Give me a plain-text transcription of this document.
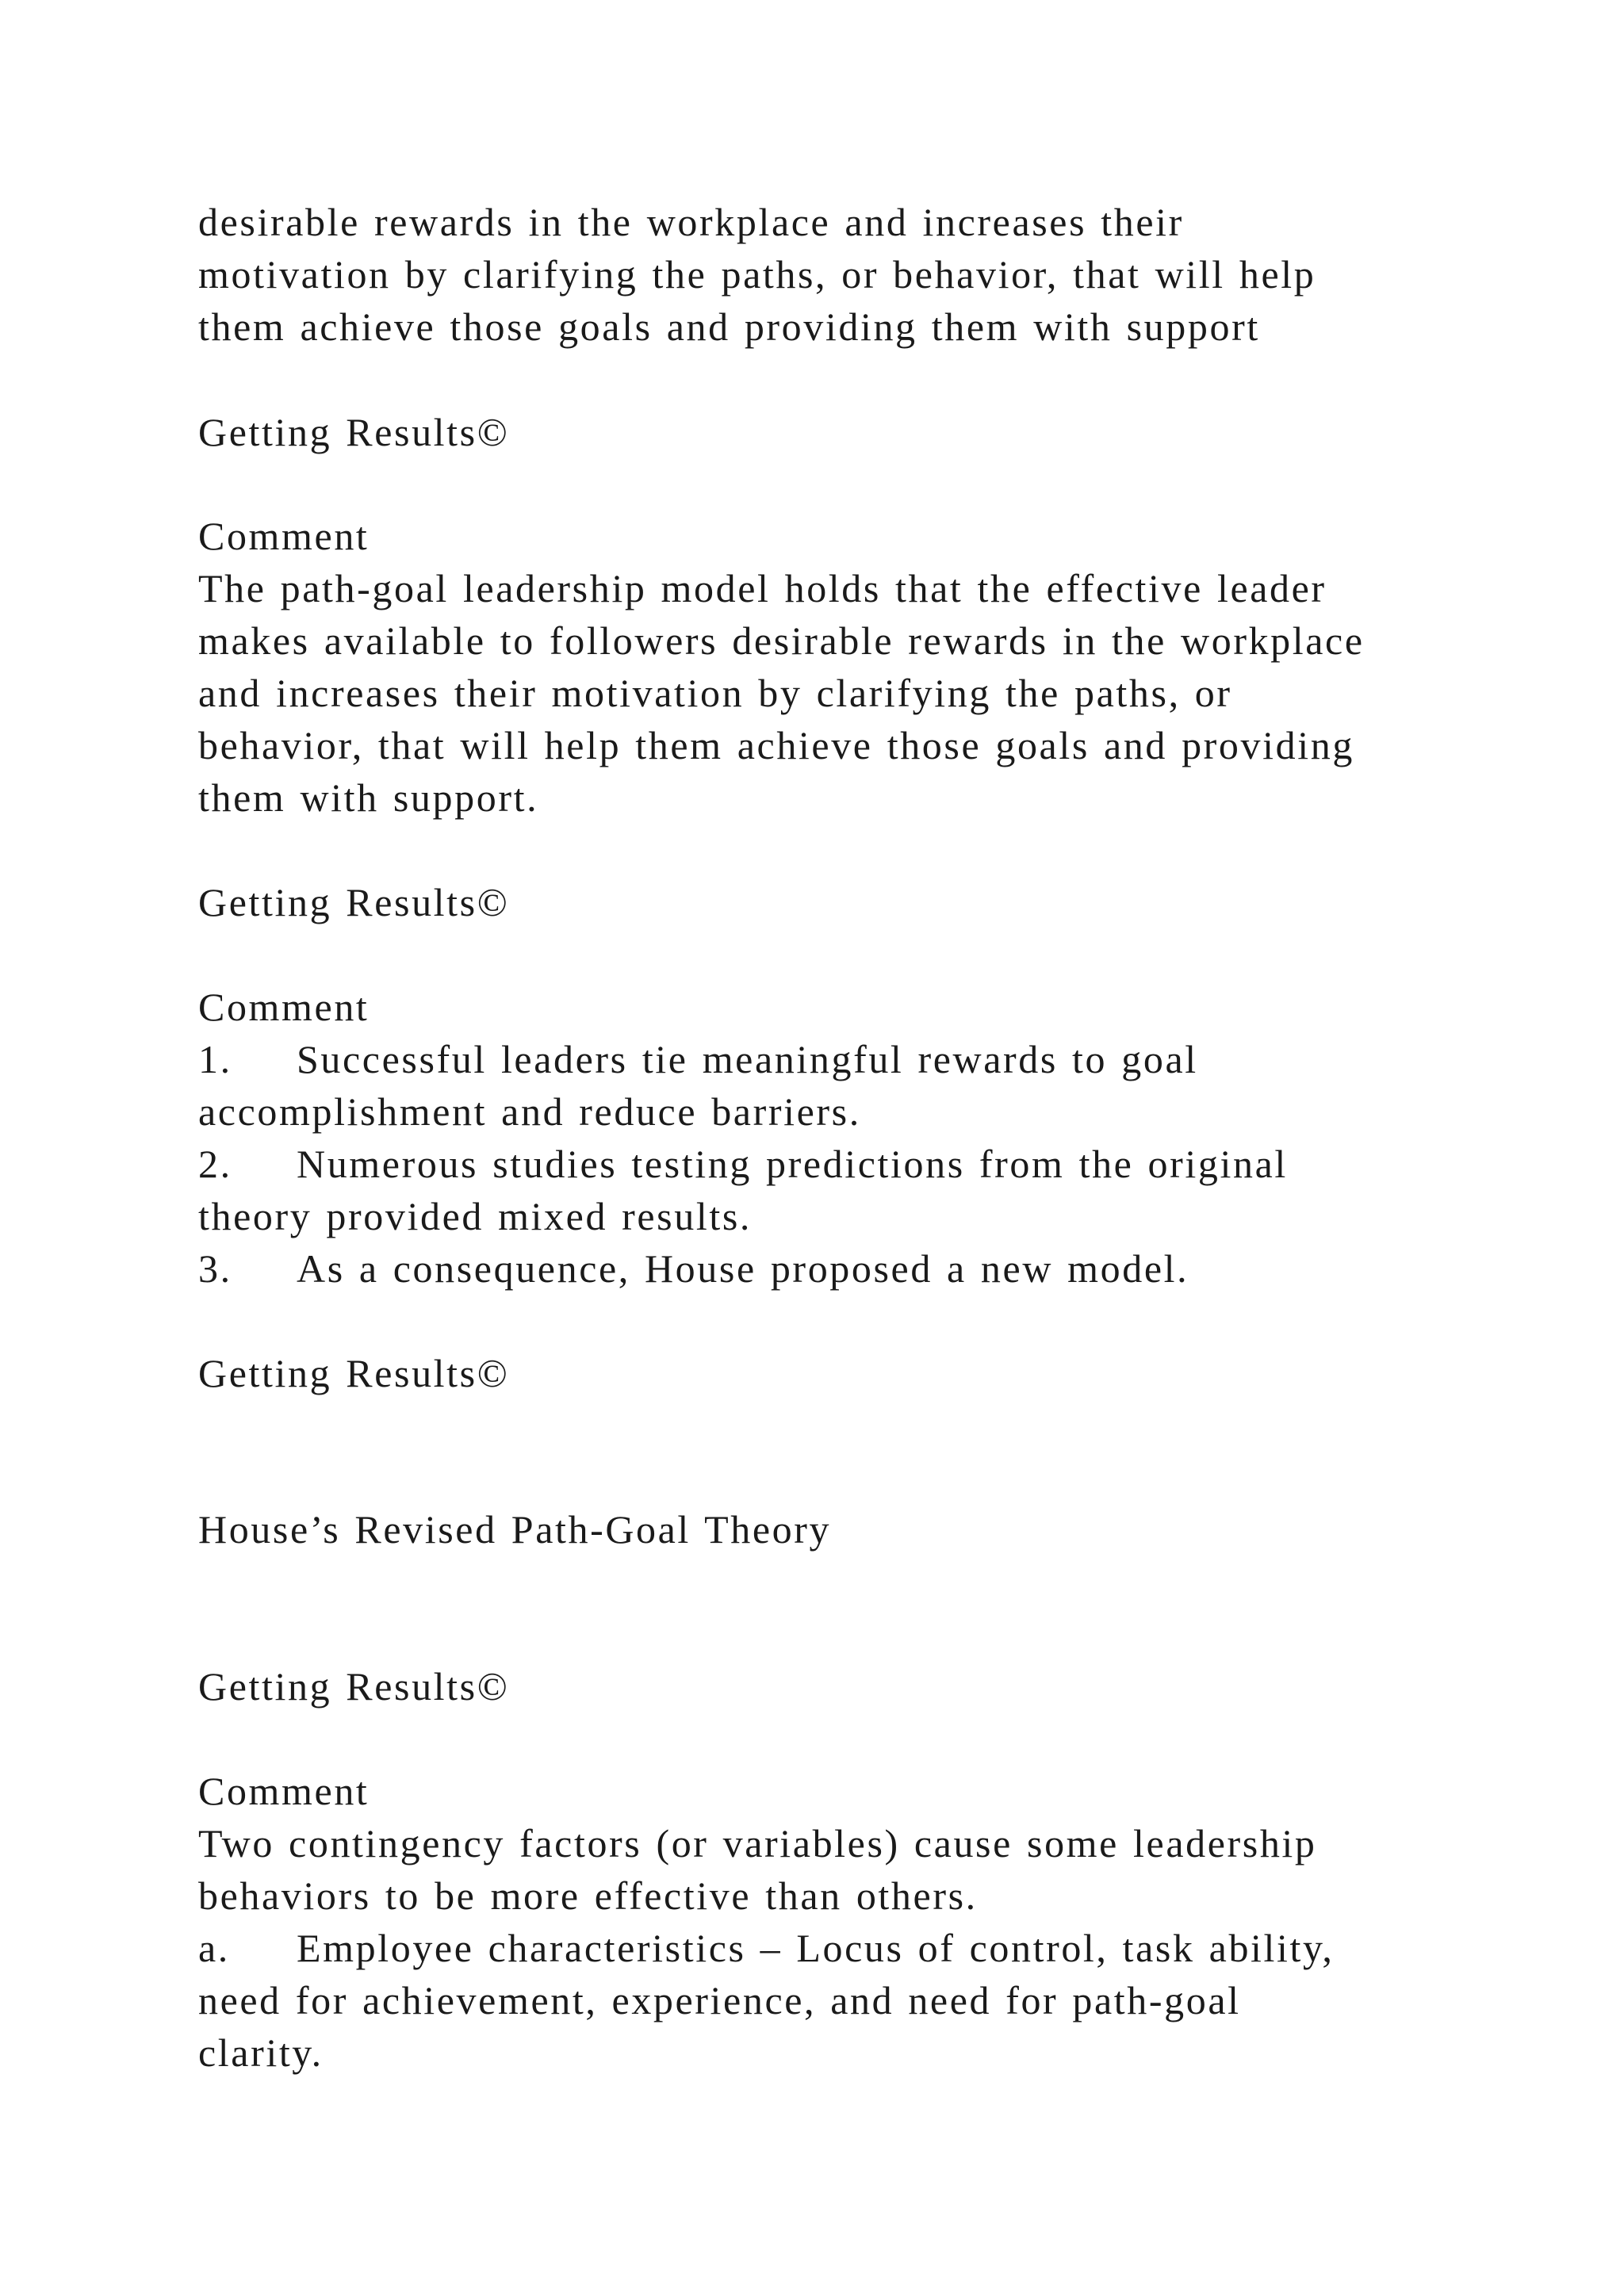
desirable rewards in the workplace and increases their

motivation by clarifying the paths, or behavior, that will help

them achieve those goals and providing them with support

Getting Results©

Comment

The path-goal leadership model holds that the effective leader

makes available to followers desirable rewards in the workplace

and increases their motivation by clarifying the paths, or

behavior, that will help them achieve those goals and providing

them with support.

Getting Results©

Comment

1. Successful leaders tie meaningful rewards to goal

accomplishment and reduce barriers.

2. Numerous studies testing predictions from the original

theory provided mixed results.

3. As a consequence, House proposed a new model.

Getting Results©

House’s Revised Path-Goal Theory

Getting Results©

Comment

Two contingency factors (or variables) cause some leadership

behaviors to be more effective than others.

a. Employee characteristics – Locus of control, task ability,

need for achievement, experience, and need for path-goal

clarity.
